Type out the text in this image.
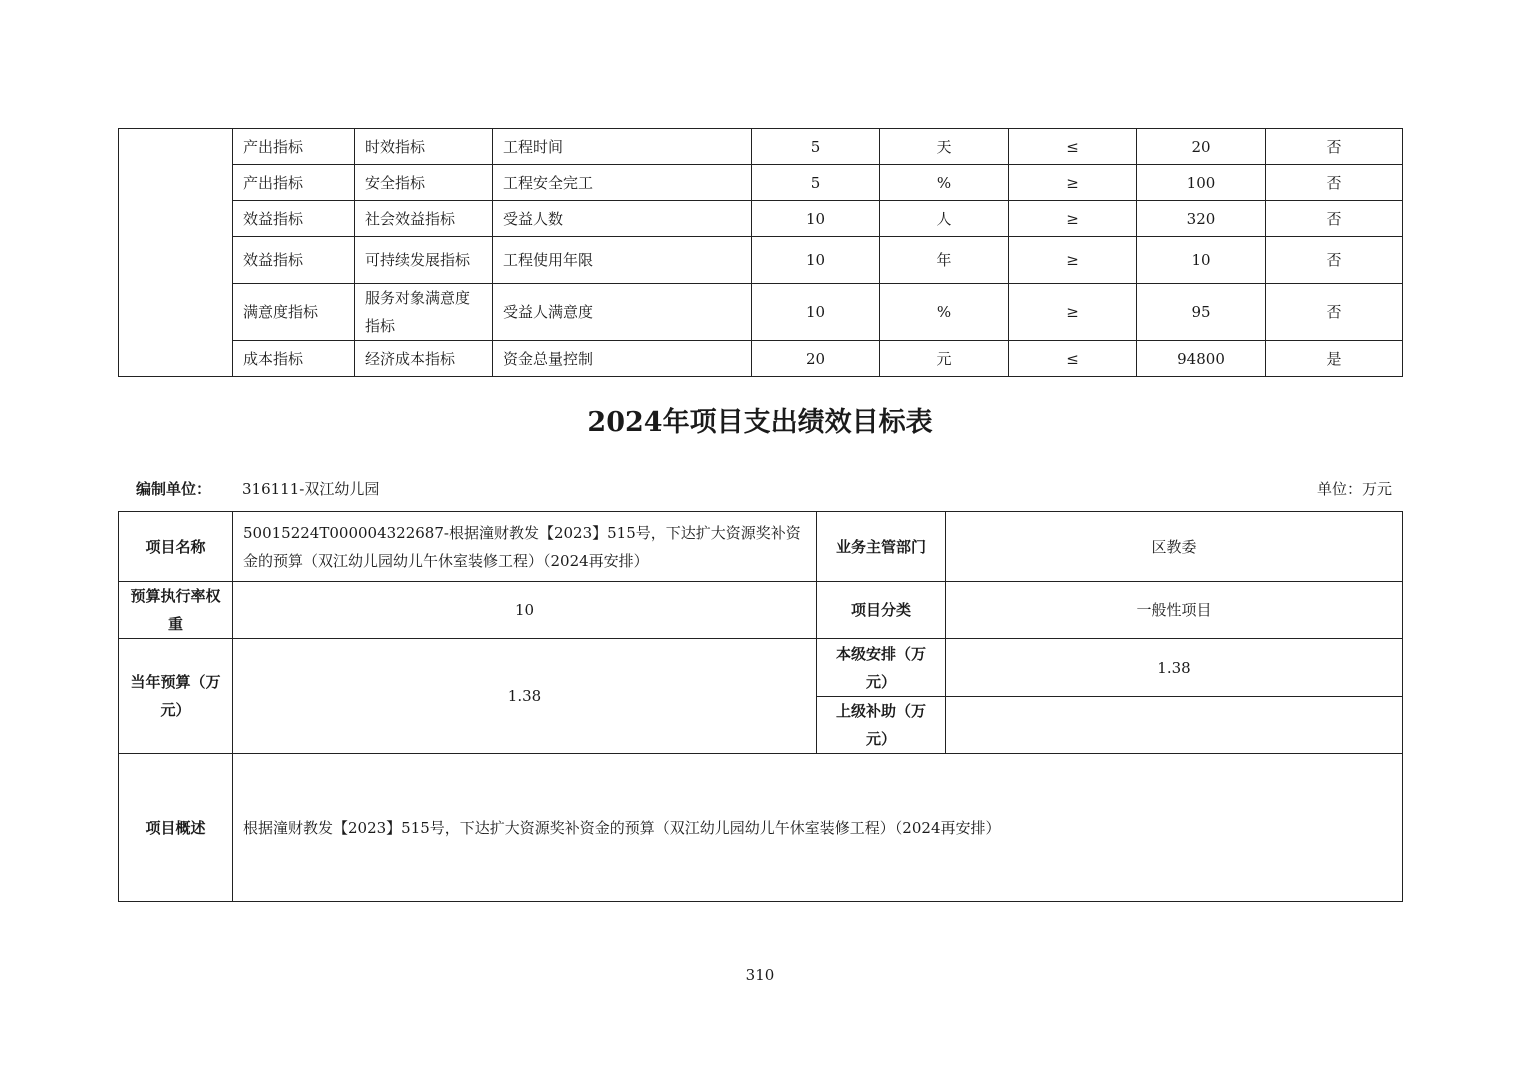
	产出指标	时效指标	工程时间	5	天	≤	20	否
	产出指标	安全指标	工程安全完工	5	%	≥	100	否
	效益指标	社会效益指标	受益人数	10	人	≥	320	否
	效益指标	可持续发展指标	工程使用年限	10	年	≥	10	否
	满意度指标	服务对象满意度指标	受益人满意度	10	%	≥	95	否
	成本指标	经济成本指标	资金总量控制	20	元	≤	94800	是
2024年项目支出绩效目标表
编制单位： 316111-双江幼儿园	单位：万元
项目名称	50015224T000004322687-根据潼财教发【2023】515号，下达扩大资源奖补资金的预算（双江幼儿园幼儿午休室装修工程）（2024再安排）	业务主管部门	区教委
预算执行率权重	10	项目分类	一般性项目
当年预算（万元）	1.38	本级安排（万元）	1.38
		上级补助（万元）	
项目概述	根据潼财教发【2023】515号，下达扩大资源奖补资金的预算（双江幼儿园幼儿午休室装修工程）（2024再安排）		
310
